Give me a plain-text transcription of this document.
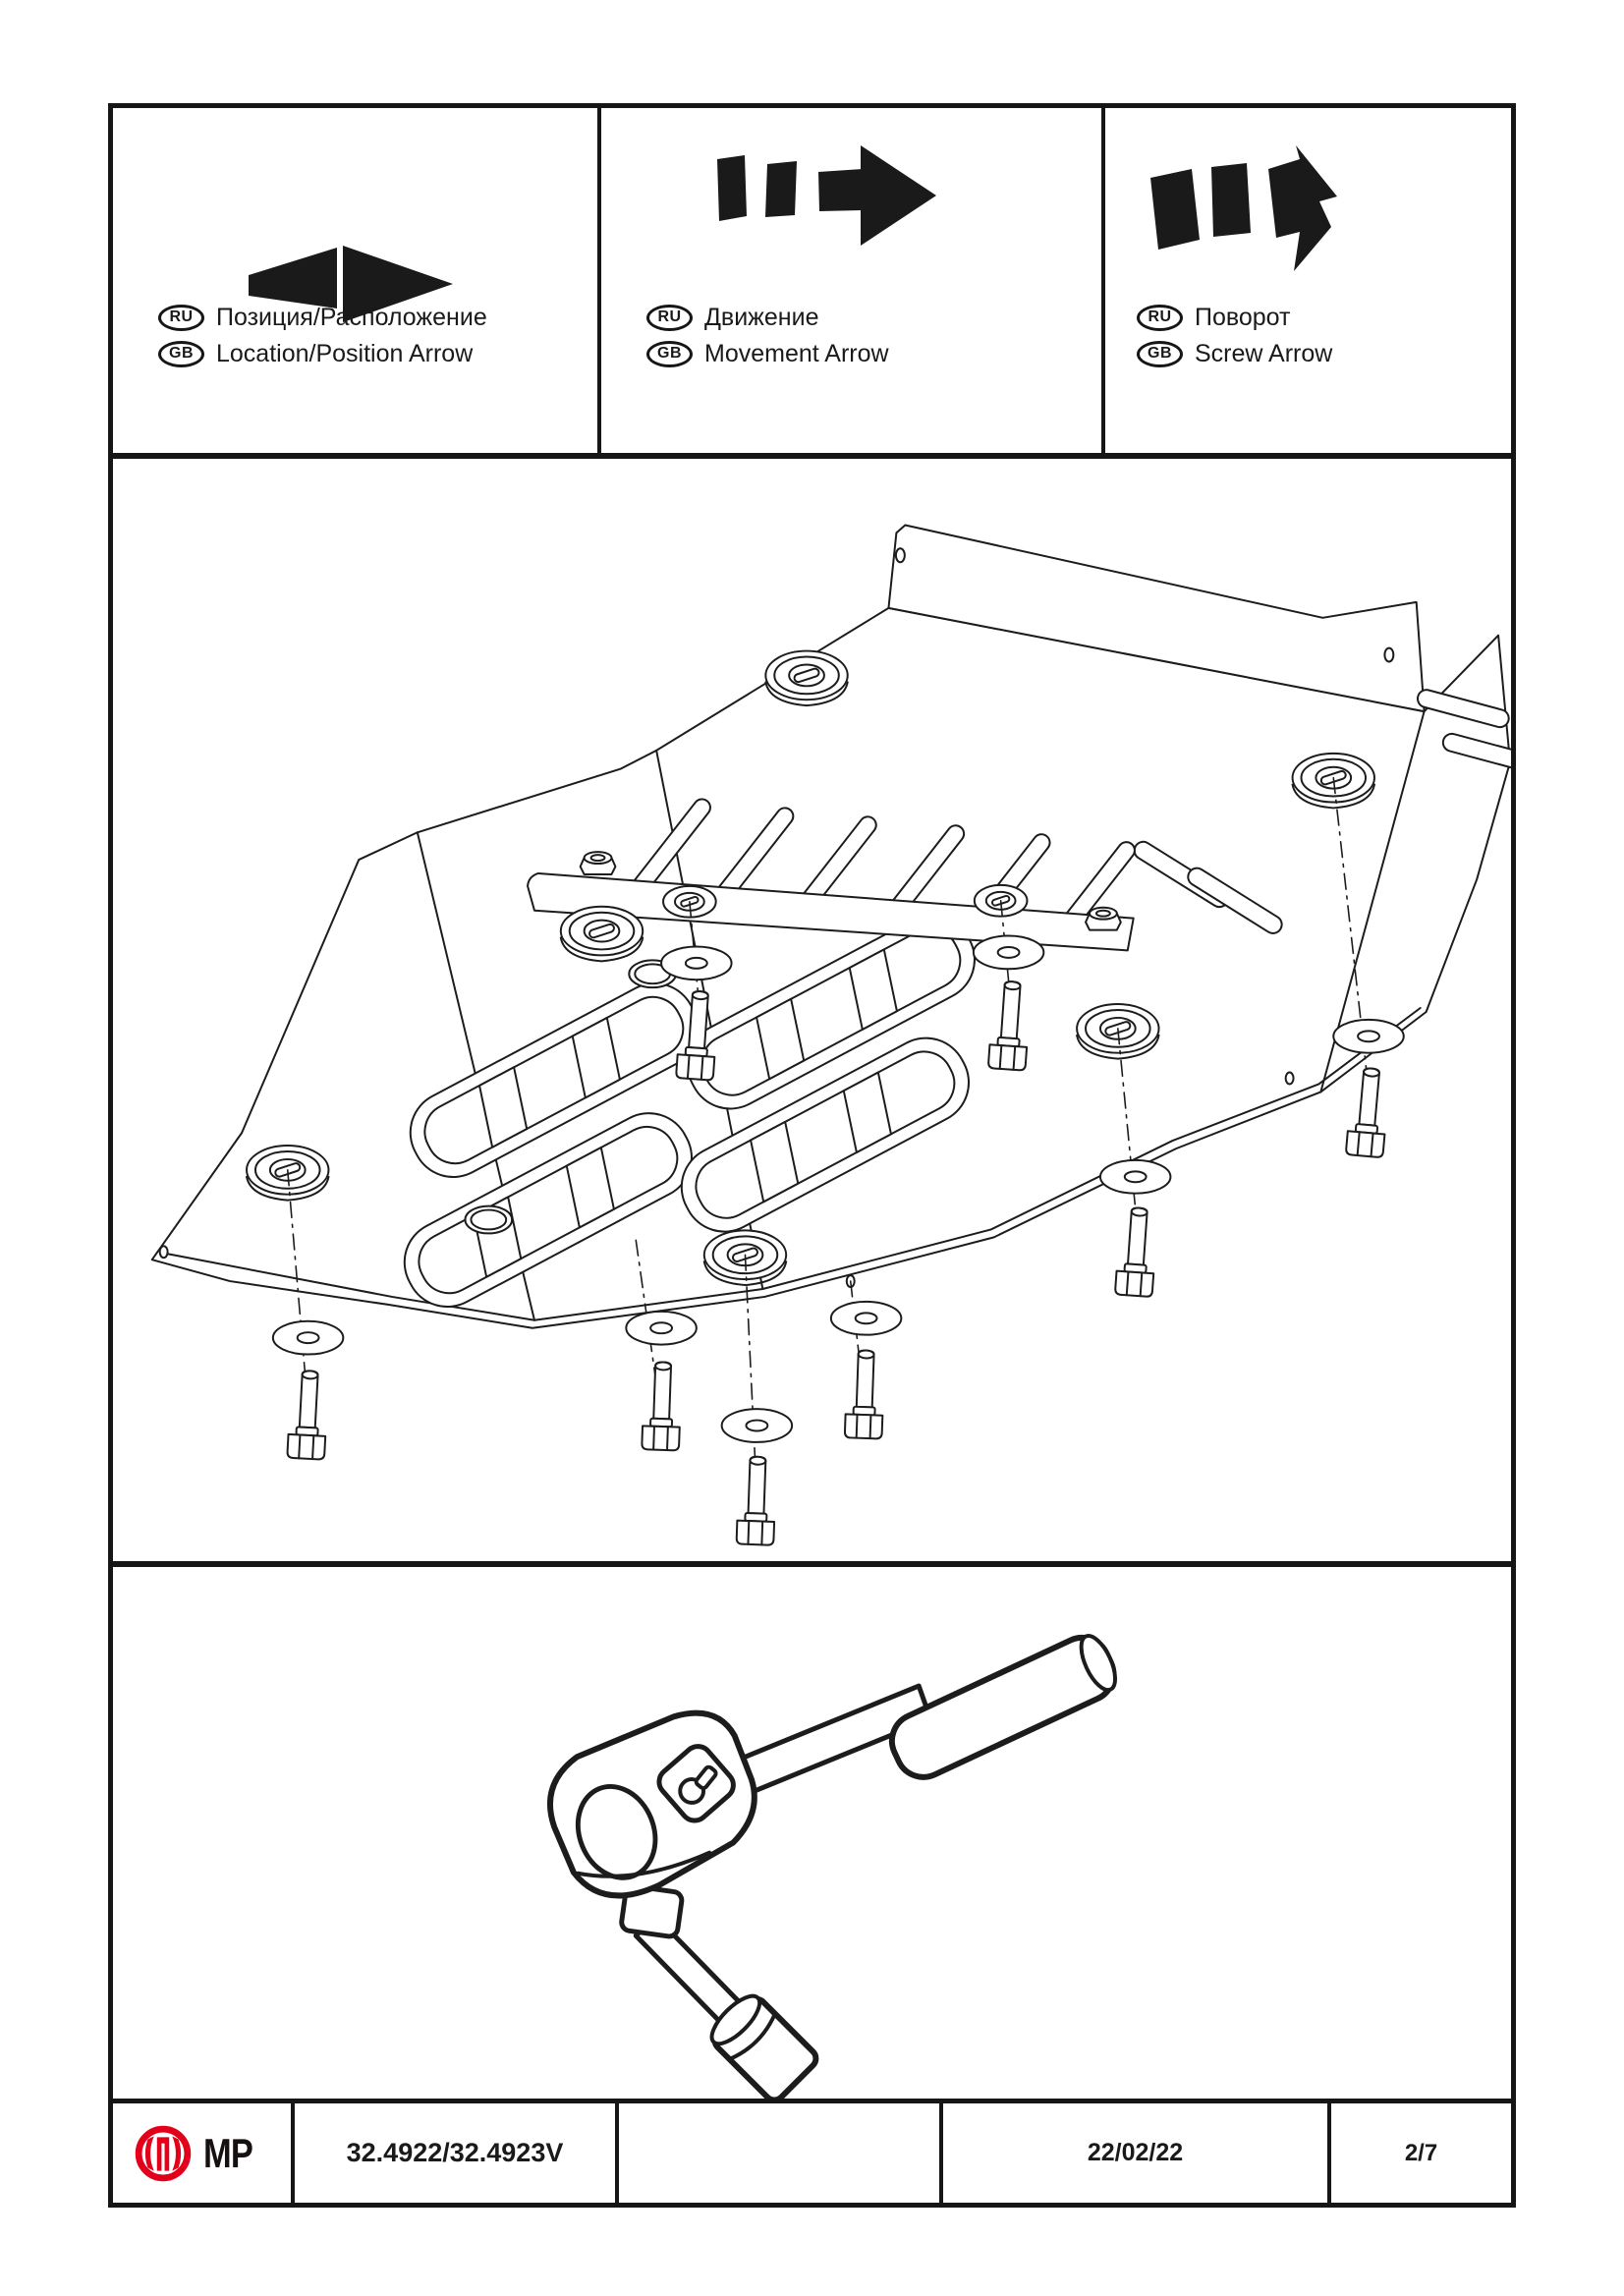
RU Позиция/Расположение
GB Location/Position Arrow
RU Движение
GB Movement Arrow
RU Поворот
GB Screw Arrow
MP	32.4922/32.4923V	22/02/22	2/7
